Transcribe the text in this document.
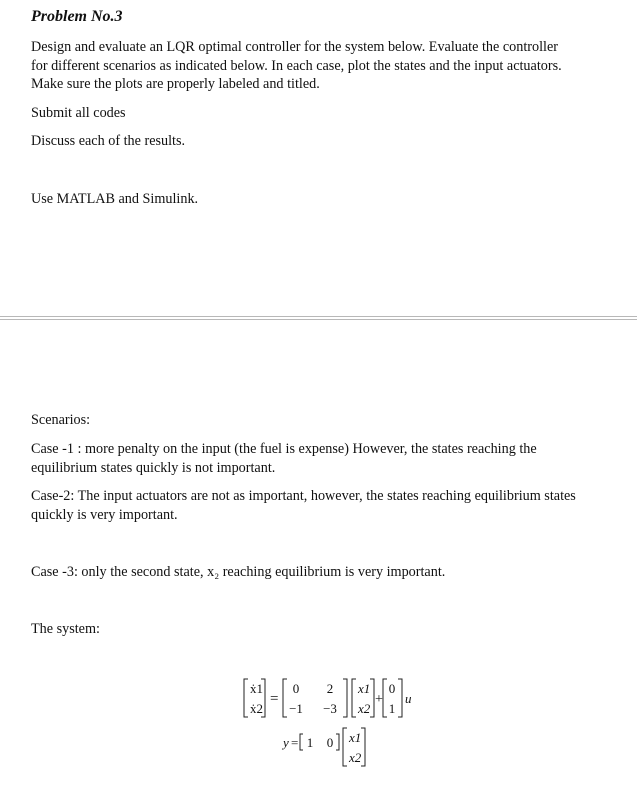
Problem No.3
Design and evaluate an LQR optimal controller for the system below. Evaluate the controller
for different scenarios as indicated below. In each case, plot the states and the input actuators.
Make sure the plots are properly labeled and titled.
Submit all codes
Discuss each of the results.
Use MATLAB and Simulink.
Scenarios:
Case -1 : more penalty on the input (the fuel is expense) However, the states reaching the
equilibrium states quickly is not important.
Case-2: The input actuators are not as important, however, the states reaching equilibrium states
quickly is very important.
Case -3: only the second state, x₂ reaching equilibrium is very important.
The system:
ẋ1
ẋ2
=
0 2
−1 −3
x1
x2
+
0
1
u
y = 1 0 x1
x2
